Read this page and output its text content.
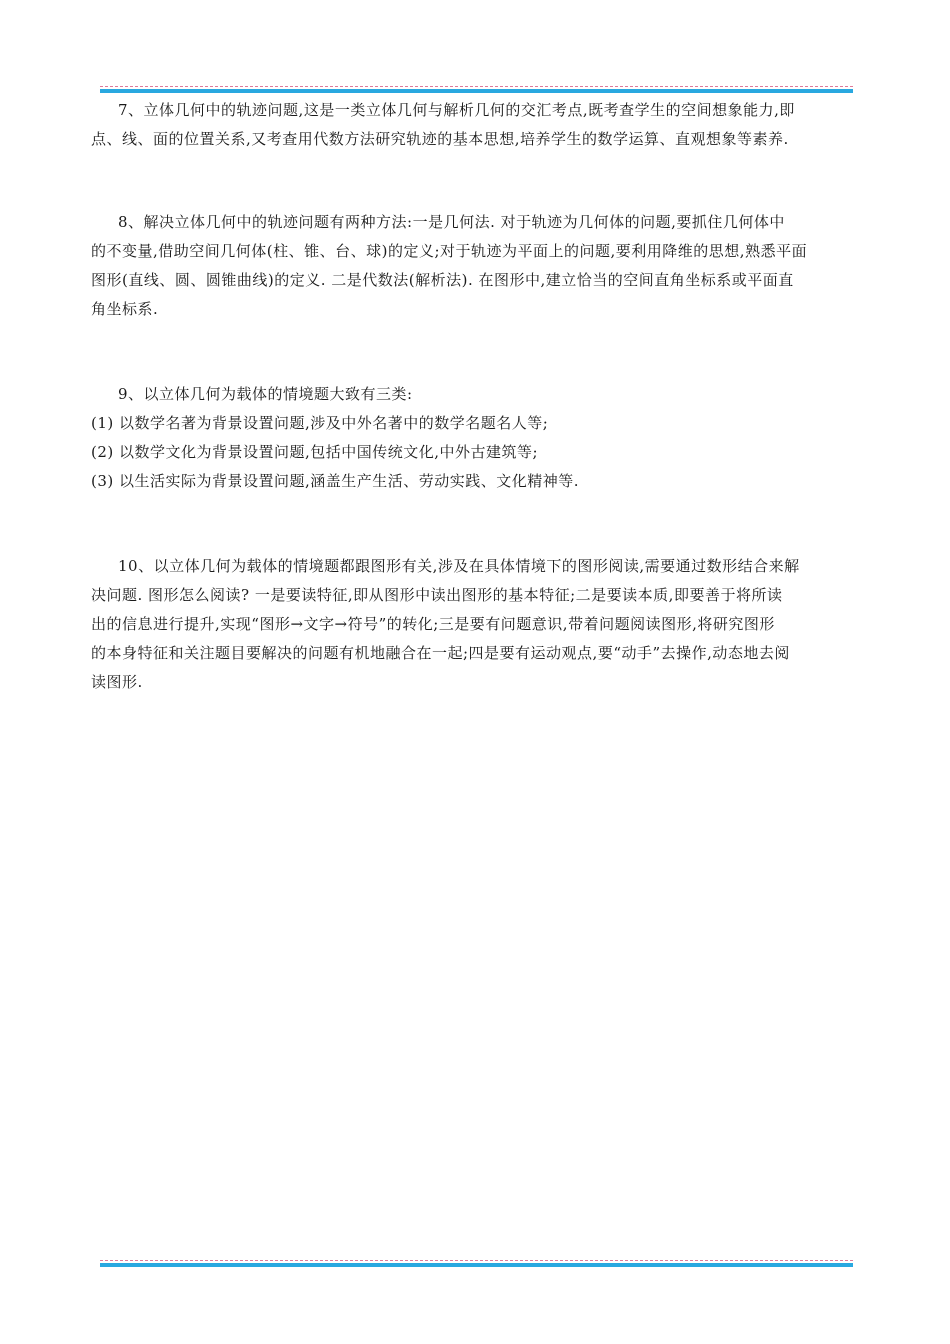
7、立体几何中的轨迹问题,这是一类立体几何与解析几何的交汇考点,既考查学生的空间想象能力,即
点、线、面的位置关系,又考查用代数方法研究轨迹的基本思想,培养学生的数学运算、直观想象等素养.

8、解决立体几何中的轨迹问题有两种方法:一是几何法. 对于轨迹为几何体的问题,要抓住几何体中
的不变量,借助空间几何体(柱、锥、台、球)的定义;对于轨迹为平面上的问题,要利用降维的思想,熟悉平面
图形(直线、圆、圆锥曲线)的定义. 二是代数法(解析法). 在图形中,建立恰当的空间直角坐标系或平面直
角坐标系.

9、以立体几何为载体的情境题大致有三类:
(1) 以数学名著为背景设置问题,涉及中外名著中的数学名题名人等;
(2) 以数学文化为背景设置问题,包括中国传统文化,中外古建筑等;
(3) 以生活实际为背景设置问题,涵盖生产生活、劳动实践、文化精神等.

10、以立体几何为载体的情境题都跟图形有关,涉及在具体情境下的图形阅读,需要通过数形结合来解
决问题. 图形怎么阅读? 一是要读特征,即从图形中读出图形的基本特征;二是要读本质,即要善于将所读
出的信息进行提升,实现“图形→文字→符号”的转化;三是要有问题意识,带着问题阅读图形,将研究图形
的本身特征和关注题目要解决的问题有机地融合在一起;四是要有运动观点,要“动手”去操作,动态地去阅
读图形.
